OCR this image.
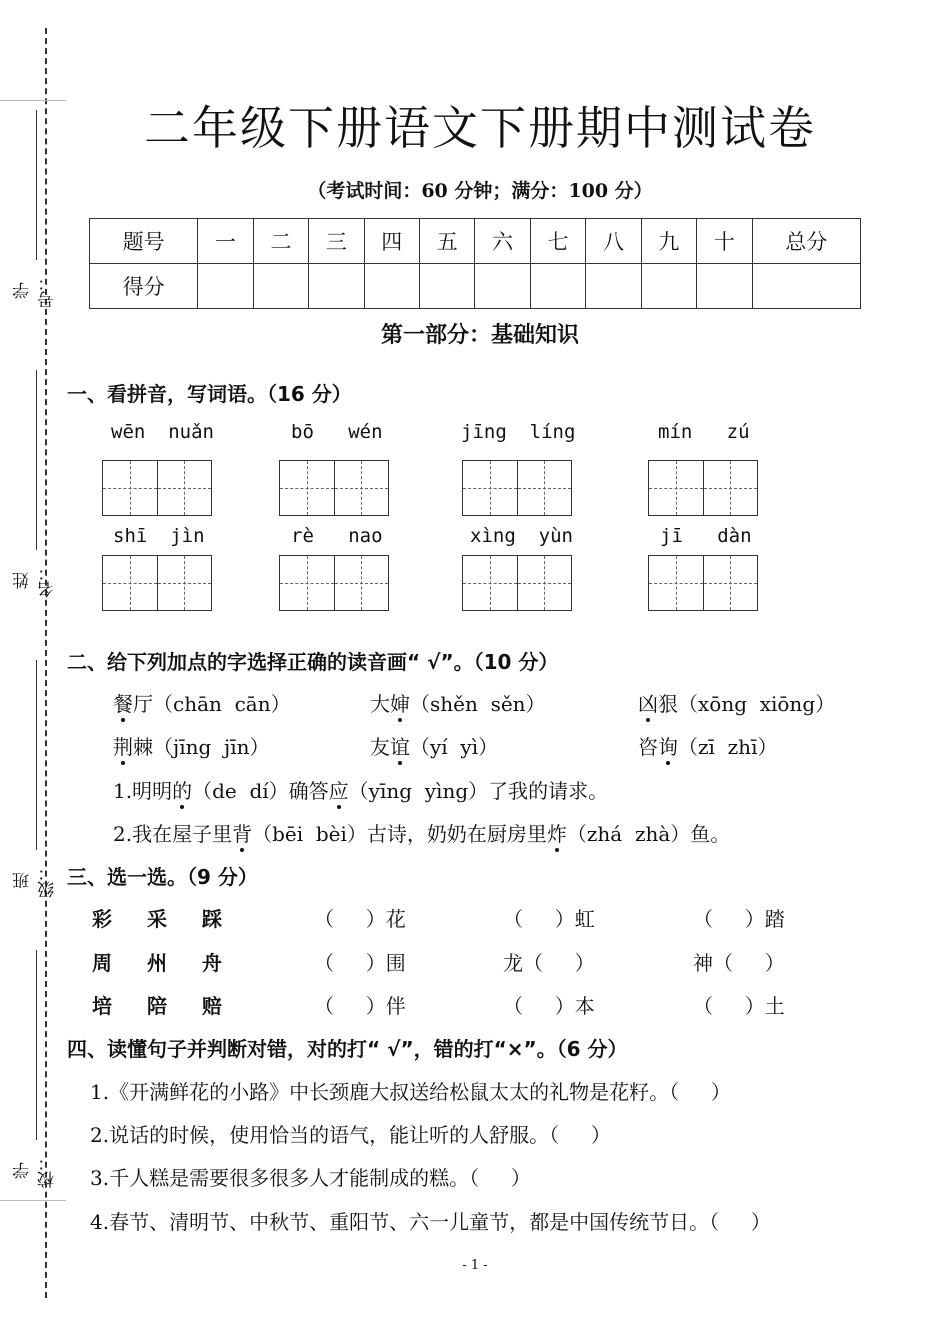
学号：
姓名：
班级：
学校：
二年级下册语文下册期中测试卷
（考试时间：60 分钟；满分：100 分）
题号	一	二	三	四	五	六	七	八	九	十	总分
得分											
第一部分：基础知识
一、看拼音，写词语。（16 分）
wēn  nuǎn	bō   wén	jīng  líng	mín   zú
shī  jìn	rè   nao	xìng  yùn	jī   dàn
二、给下列加点的字选择正确的读音画“ √”。（10 分）
餐厅（chān  cān）	大婶（shěn  sěn）	凶狠（xōng  xiōng）
荆棘（jīng  jīn）	友谊（yí  yì）	咨询（zī  zhī）
1.明明的（de  dí）确答应（yīng  yìng）了我的请求。
2.我在屋子里背（bēi  bèi）古诗，奶奶在厨房里炸（zhá  zhà）鱼。
三、选一选。（9 分）
彩 采 踩	（     ）花	（     ）虹	（     ）踏
周 州 舟	（     ）围	龙（     ）	神（     ）
培 陪 赔	（     ）伴	（     ）本	（     ）土
四、读懂句子并判断对错，对的打“ √”，错的打“×”。（6 分）
1.《开满鲜花的小路》中长颈鹿大叔送给松鼠太太的礼物是花籽。（     ）
2.说话的时候，使用恰当的语气，能让听的人舒服。（     ）
3.千人糕是需要很多很多人才能制成的糕。（     ）
4.春节、清明节、中秋节、重阳节、六一儿童节，都是中国传统节日。（     ）
- 1 -
